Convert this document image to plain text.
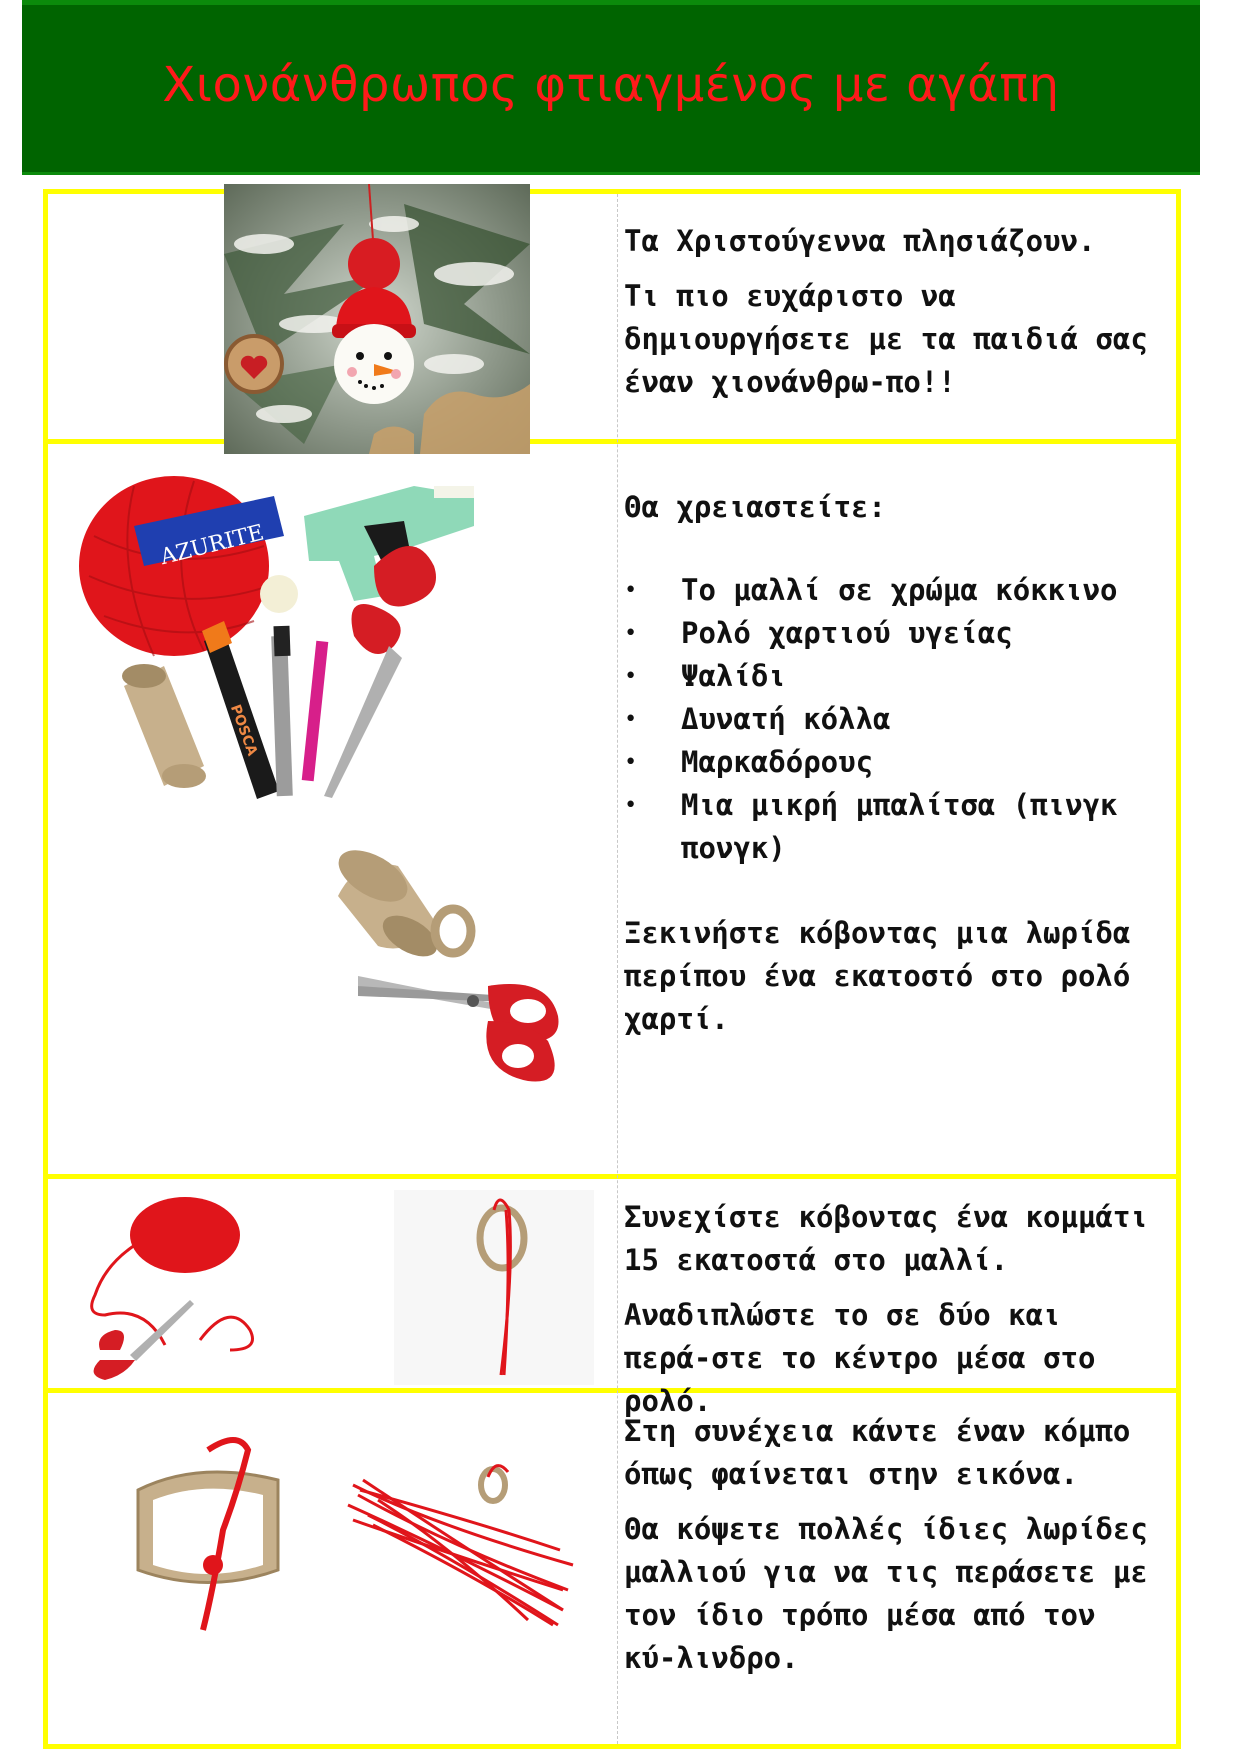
Χιονάνθρωπος φτιαγμένος με αγάπη

Τα Χριστούγεννα πλησιάζουν.

Τι πιο ευχάριστο να δημιουργήσετε με τα παιδιά σας έναν χιονάνθρω-πο!!

AZURITE
POSCA

Θα χρειαστείτε:

• Το μαλλί σε χρώμα κόκκινο
• Ρολό χαρτιού υγείας
• Ψαλίδι
• Δυνατή κόλλα
• Μαρκαδόρους
• Μια μικρή μπαλίτσα (πινγκ πονγκ)

Ξεκινήστε κόβοντας μια λωρίδα περίπου ένα εκατοστό στο ρολό χαρτί.

Συνεχίστε κόβοντας ένα κομμάτι 15 εκατοστά στο μαλλί.

Αναδιπλώστε το σε δύο και περά-στε το κέντρο μέσα στο ρολό.

Στη συνέχεια κάντε έναν κόμπο όπως φαίνεται στην εικόνα.

Θα κόψετε πολλές ίδιες λωρίδες μαλλιού για να τις περάσετε με τον ίδιο τρόπο μέσα από τον κύ-λινδρο.
